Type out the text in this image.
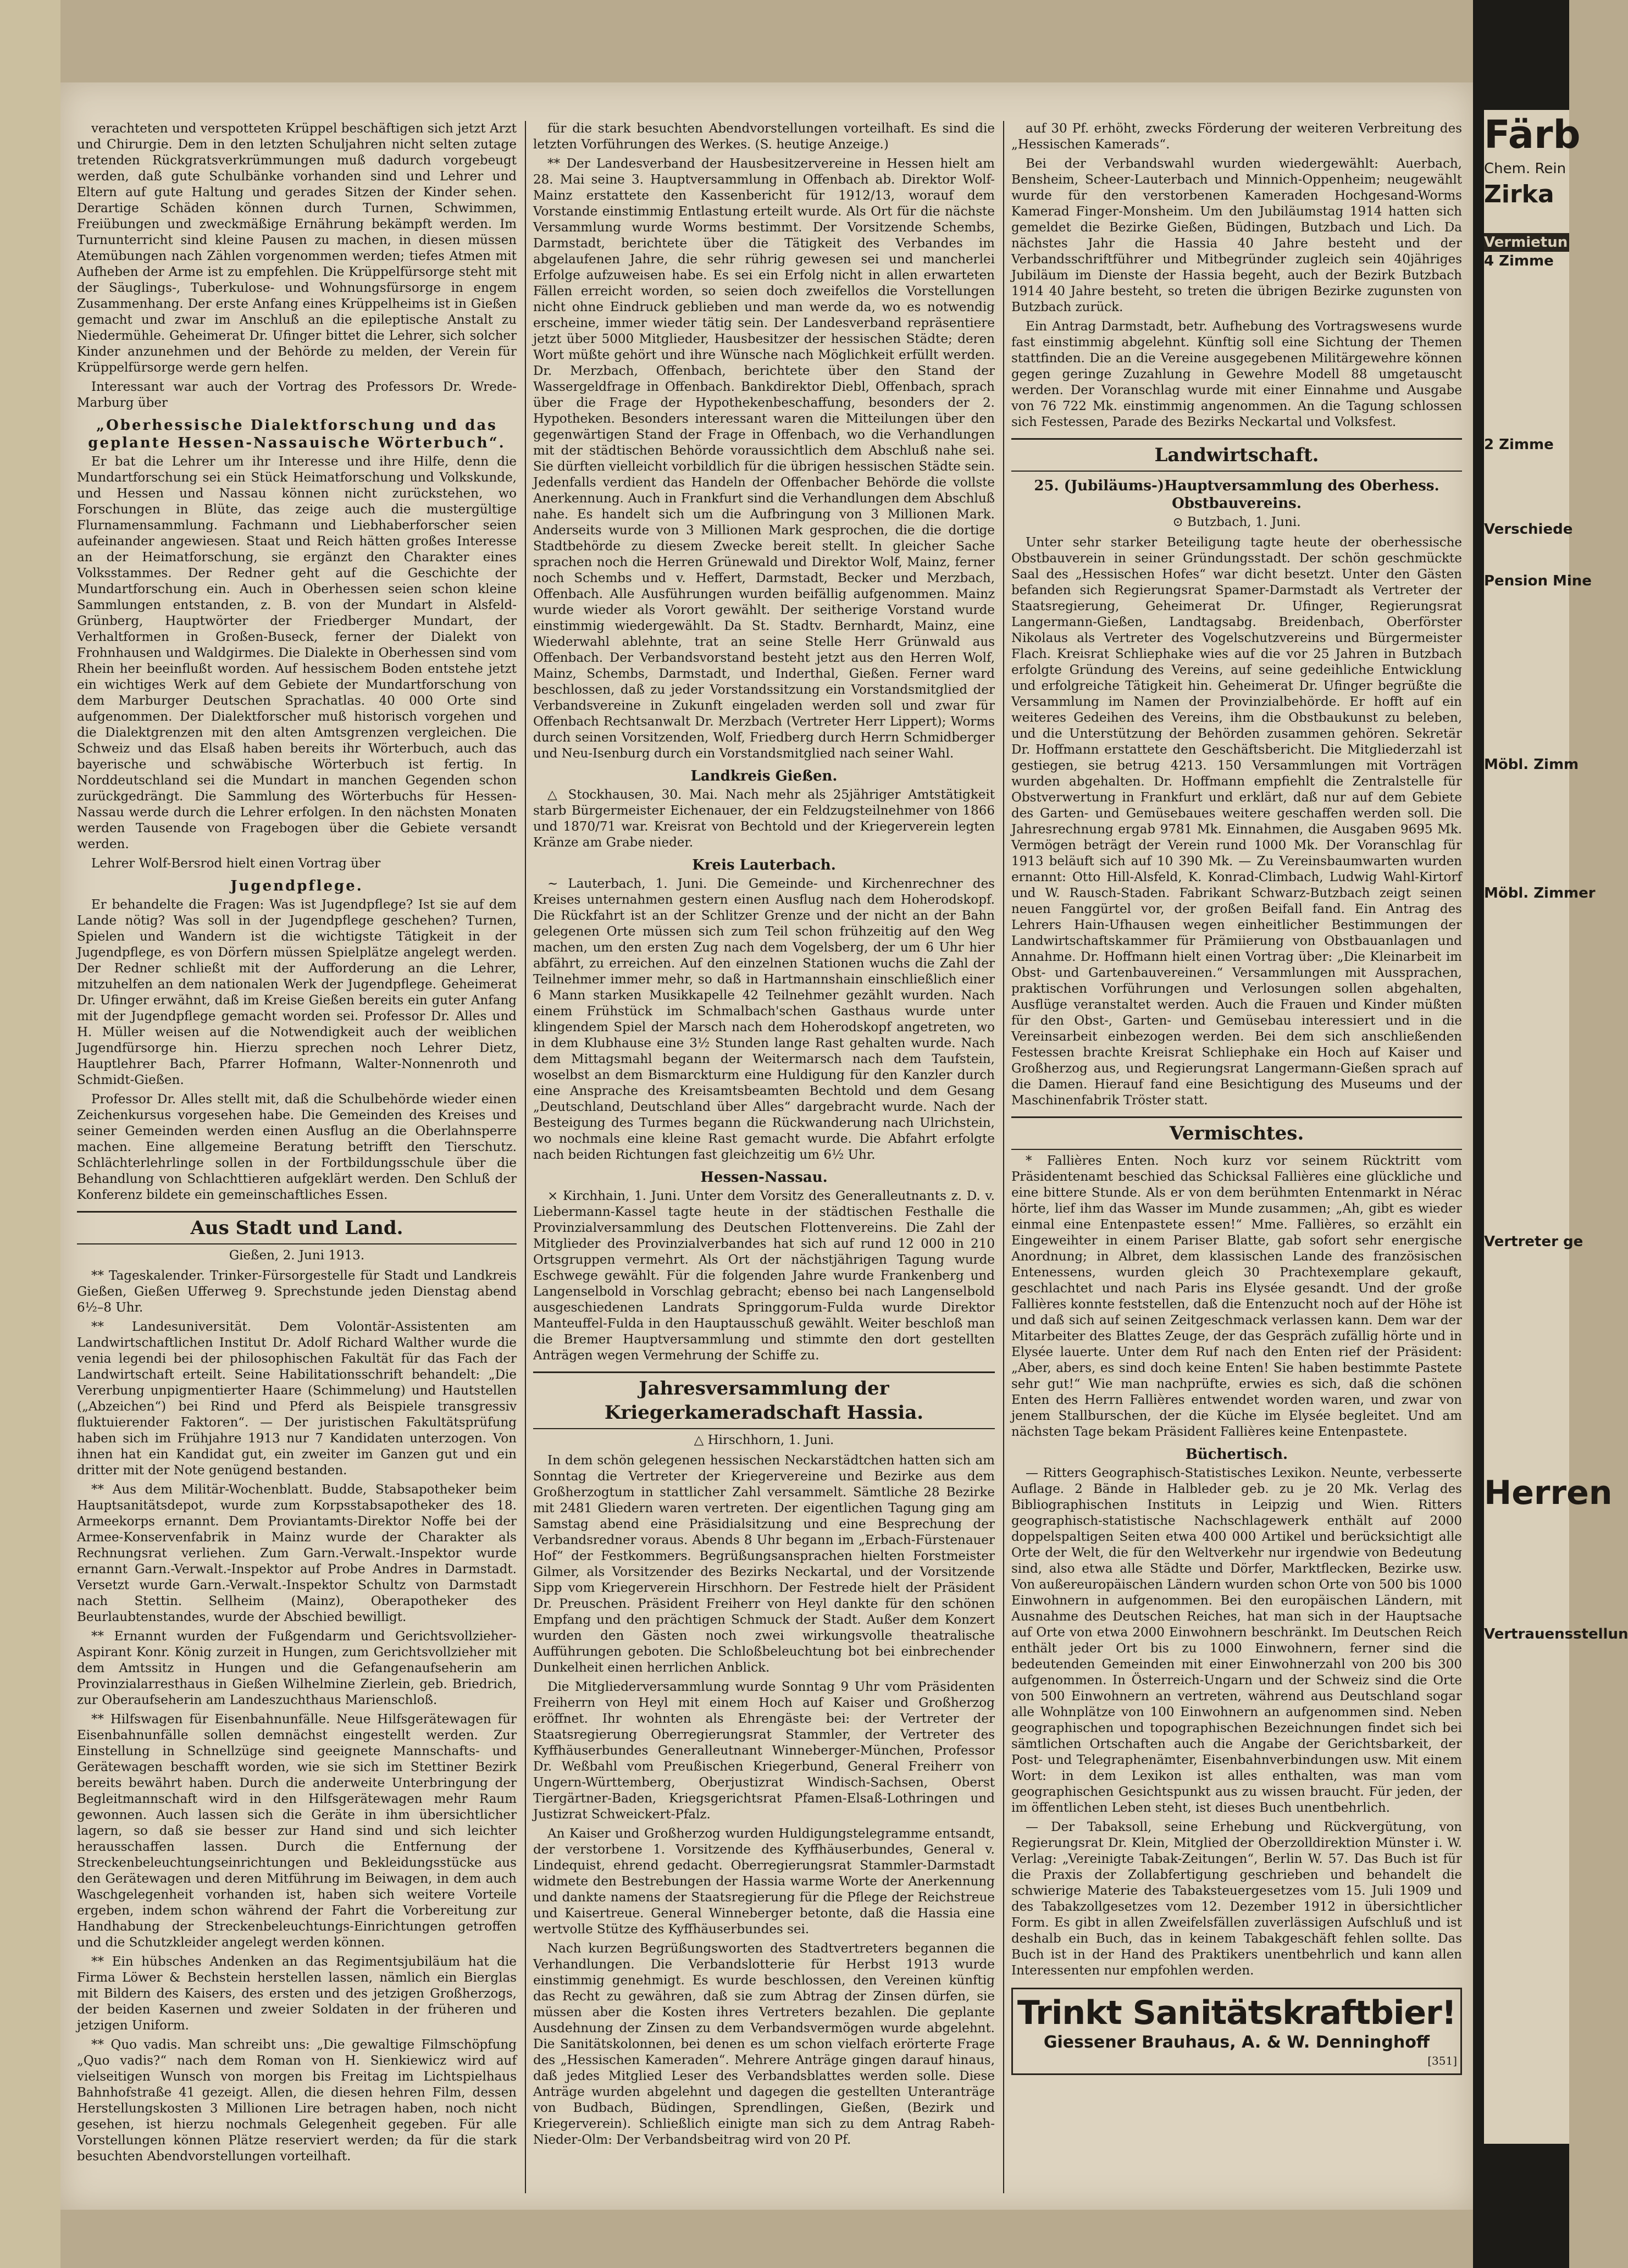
verachteten und verspotteten Krüppel beschäftigen sich jetzt Arzt und Chirurgie. Dem in den letzten Schuljahren nicht selten zutage tretenden Rückgratsverkrümmungen muß dadurch vorgebeugt werden, daß gute Schulbänke vorhanden sind und Lehrer und Eltern auf gute Haltung und gerades Sitzen der Kinder sehen. Derartige Schäden können durch Turnen, Schwimmen, Freiübungen und zweckmäßige Ernährung bekämpft werden. Im Turnunterricht sind kleine Pausen zu machen, in diesen müssen Atemübungen nach Zählen vorgenommen werden; tiefes Atmen mit Aufheben der Arme ist zu empfehlen. Die Krüppelfürsorge steht mit der Säuglings-, Tuberkulose- und Wohnungsfürsorge in engem Zusammenhang. Der erste Anfang eines Krüppelheims ist in Gießen gemacht und zwar im Anschluß an die epileptische Anstalt zu Niedermühle. Geheimerat Dr. Ufinger bittet die Lehrer, sich solcher Kinder anzunehmen und der Behörde zu melden, der Verein für Krüppelfürsorge werde gern helfen.

Interessant war auch der Vortrag des Professors Dr. Wrede-Marburg über

„Oberhessische Dialektforschung und das geplante Hessen-Nassauische Wörterbuch“.

Er bat die Lehrer um ihr Interesse und ihre Hilfe, denn die Mundartforschung sei ein Stück Heimatforschung und Volkskunde, und Hessen und Nassau können nicht zurückstehen, wo Forschungen in Blüte, das zeige auch die mustergültige Flurnamensammlung. Fachmann und Liebhaberforscher seien aufeinander angewiesen. Staat und Reich hätten großes Interesse an der Heimatforschung, sie ergänzt den Charakter eines Volksstammes. Der Redner geht auf die Geschichte der Mundartforschung ein. Auch in Oberhessen seien schon kleine Sammlungen entstanden, z. B. von der Mundart in Alsfeld-Grünberg, Hauptwörter der Friedberger Mundart, der Verhaltformen in Großen-Buseck, ferner der Dialekt von Frohnhausen und Waldgirmes. Die Dialekte in Oberhessen sind vom Rhein her beeinflußt worden. Auf hessischem Boden entstehe jetzt ein wichtiges Werk auf dem Gebiete der Mundartforschung von dem Marburger Deutschen Sprachatlas. 40 000 Orte sind aufgenommen. Der Dialektforscher muß historisch vorgehen und die Dialektgrenzen mit den alten Amtsgrenzen vergleichen. Die Schweiz und das Elsaß haben bereits ihr Wörterbuch, auch das bayerische und schwäbische Wörterbuch ist fertig. In Norddeutschland sei die Mundart in manchen Gegenden schon zurückgedrängt. Die Sammlung des Wörterbuchs für Hessen-Nassau werde durch die Lehrer erfolgen. In den nächsten Monaten werden Tausende von Fragebogen über die Gebiete versandt werden.

Lehrer Wolf-Bersrod hielt einen Vortrag über

Jugendpflege.

Er behandelte die Fragen: Was ist Jugendpflege? Ist sie auf dem Lande nötig? Was soll in der Jugendpflege geschehen? Turnen, Spielen und Wandern ist die wichtigste Tätigkeit in der Jugendpflege, es von Dörfern müssen Spielplätze angelegt werden. Der Redner schließt mit der Aufforderung an die Lehrer, mitzuhelfen an dem nationalen Werk der Jugendpflege. Geheimerat Dr. Ufinger erwähnt, daß im Kreise Gießen bereits ein guter Anfang mit der Jugendpflege gemacht worden sei. Professor Dr. Alles und H. Müller weisen auf die Notwendigkeit auch der weiblichen Jugendfürsorge hin. Hierzu sprechen noch Lehrer Dietz, Hauptlehrer Bach, Pfarrer Hofmann, Walter-Nonnenroth und Schmidt-Gießen.

Professor Dr. Alles stellt mit, daß die Schulbehörde wieder einen Zeichenkursus vorgesehen habe. Die Gemeinden des Kreises und seiner Gemeinden werden einen Ausflug an die Oberlahnsperre machen. Eine allgemeine Beratung betrifft den Tierschutz. Schlächterlehrlinge sollen in der Fortbildungsschule über die Behandlung von Schlachttieren aufgeklärt werden. Den Schluß der Konferenz bildete ein gemeinschaftliches Essen.

Aus Stadt und Land.
Gießen, 2. Juni 1913.

** Tageskalender. Trinker-Fürsorgestelle für Stadt und Landkreis Gießen, Gießen Ufferweg 9. Sprechstunde jeden Dienstag abend 6½–8 Uhr.

** Landesuniversität. Dem Volontär-Assistenten am Landwirtschaftlichen Institut Dr. Adolf Richard Walther wurde die venia legendi bei der philosophischen Fakultät für das Fach der Landwirtschaft erteilt. Seine Habilitationsschrift behandelt: „Die Vererbung unpigmentierter Haare (Schimmelung) und Hautstellen („Abzeichen“) bei Rind und Pferd als Beispiele transgressiv fluktuierender Faktoren“. — Der juristischen Fakultätsprüfung haben sich im Frühjahre 1913 nur 7 Kandidaten unterzogen. Von ihnen hat ein Kandidat gut, ein zweiter im Ganzen gut und ein dritter mit der Note genügend bestanden.

** Aus dem Militär-Wochenblatt. Budde, Stabsapotheker beim Hauptsanitätsdepot, wurde zum Korpsstabsapotheker des 18. Armeekorps ernannt. Dem Proviantamts-Direktor Noffe bei der Armee-Konservenfabrik in Mainz wurde der Charakter als Rechnungsrat verliehen. Zum Garn.-Verwalt.-Inspektor wurde ernannt Garn.-Verwalt.-Inspektor auf Probe Andres in Darmstadt. Versetzt wurde Garn.-Verwalt.-Inspektor Schultz von Darmstadt nach Stettin. Sellheim (Mainz), Oberapotheker des Beurlaubtenstandes, wurde der Abschied bewilligt.

** Ernannt wurden der Fußgendarm und Gerichtsvollzieher-Aspirant Konr. König zurzeit in Hungen, zum Gerichtsvollzieher mit dem Amtssitz in Hungen und die Gefangenaufseherin am Provinzialarresthaus in Gießen Wilhelmine Zierlein, geb. Briedrich, zur Oberaufseherin am Landeszuchthaus Marienschloß.

** Hilfswagen für Eisenbahnunfälle. Neue Hilfsgerätewagen für Eisenbahnunfälle sollen demnächst eingestellt werden. Zur Einstellung in Schnellzüge sind geeignete Mannschafts- und Gerätewagen beschafft worden, wie sie sich im Stettiner Bezirk bereits bewährt haben. Durch die anderweite Unterbringung der Begleitmannschaft wird in den Hilfsgerätewagen mehr Raum gewonnen. Auch lassen sich die Geräte in ihm übersichtlicher lagern, so daß sie besser zur Hand sind und sich leichter herausschaffen lassen. Durch die Entfernung der Streckenbeleuchtungseinrichtungen und Bekleidungsstücke aus den Gerätewagen und deren Mitführung im Beiwagen, in dem auch Waschgelegenheit vorhanden ist, haben sich weitere Vorteile ergeben, indem schon während der Fahrt die Vorbereitung zur Handhabung der Streckenbeleuchtungs-Einrichtungen getroffen und die Schutzkleider angelegt werden können.

** Ein hübsches Andenken an das Regimentsjubiläum hat die Firma Löwer & Bechstein herstellen lassen, nämlich ein Bierglas mit Bildern des Kaisers, des ersten und des jetzigen Großherzogs, der beiden Kasernen und zweier Soldaten in der früheren und jetzigen Uniform.

** Quo vadis. Man schreibt uns: „Die gewaltige Filmschöpfung „Quo vadis?“ nach dem Roman von H. Sienkiewicz wird auf vielseitigen Wunsch von morgen bis Freitag im Lichtspielhaus Bahnhofstraße 41 gezeigt. Allen, die diesen hehren Film, dessen Herstellungskosten 3 Millionen Lire betragen haben, noch nicht gesehen, ist hierzu nochmals Gelegenheit gegeben. Für alle Vorstellungen können Plätze reserviert werden; da für die stark besuchten Abendvorstellungen vorteilhaft.

für die stark besuchten Abendvorstellungen vorteilhaft. Es sind die letzten Vorführungen des Werkes. (S. heutige Anzeige.)

** Der Landesverband der Hausbesitzervereine in Hessen hielt am 28. Mai seine 3. Hauptversammlung in Offenbach ab. Direktor Wolf-Mainz erstattete den Kassenbericht für 1912/13, worauf dem Vorstande einstimmig Entlastung erteilt wurde. Als Ort für die nächste Versammlung wurde Worms bestimmt. Der Vorsitzende Schembs, Darmstadt, berichtete über die Tätigkeit des Verbandes im abgelaufenen Jahre, die sehr rührig gewesen sei und mancherlei Erfolge aufzuweisen habe. Es sei ein Erfolg nicht in allen erwarteten Fällen erreicht worden, so seien doch zweifellos die Vorstellungen nicht ohne Eindruck geblieben und man werde da, wo es notwendig erscheine, immer wieder tätig sein. Der Landesverband repräsentiere jetzt über 5000 Mitglieder, Hausbesitzer der hessischen Städte; deren Wort müßte gehört und ihre Wünsche nach Möglichkeit erfüllt werden. Dr. Merzbach, Offenbach, berichtete über den Stand der Wassergeldfrage in Offenbach. Bankdirektor Diebl, Offenbach, sprach über die Frage der Hypothekenbeschaffung, besonders der 2. Hypotheken. Besonders interessant waren die Mitteilungen über den gegenwärtigen Stand der Frage in Offenbach, wo die Verhandlungen mit der städtischen Behörde voraussichtlich dem Abschluß nahe sei. Sie dürften vielleicht vorbildlich für die übrigen hessischen Städte sein. Jedenfalls verdient das Handeln der Offenbacher Behörde die vollste Anerkennung. Auch in Frankfurt sind die Verhandlungen dem Abschluß nahe. Es handelt sich um die Aufbringung von 3 Millionen Mark. Anderseits wurde von 3 Millionen Mark gesprochen, die die dortige Stadtbehörde zu diesem Zwecke bereit stellt. In gleicher Sache sprachen noch die Herren Grünewald und Direktor Wolf, Mainz, ferner noch Schembs und v. Heffert, Darmstadt, Becker und Merzbach, Offenbach. Alle Ausführungen wurden beifällig aufgenommen. Mainz wurde wieder als Vorort gewählt. Der seitherige Vorstand wurde einstimmig wiedergewählt. Da St. Stadtv. Bernhardt, Mainz, eine Wiederwahl ablehnte, trat an seine Stelle Herr Grünwald aus Offenbach. Der Verbandsvorstand besteht jetzt aus den Herren Wolf, Mainz, Schembs, Darmstadt, und Inderthal, Gießen. Ferner ward beschlossen, daß zu jeder Vorstandssitzung ein Vorstandsmitglied der Verbandsvereine in Zukunft eingeladen werden soll und zwar für Offenbach Rechtsanwalt Dr. Merzbach (Vertreter Herr Lippert); Worms durch seinen Vorsitzenden, Wolf, Friedberg durch Herrn Schmidberger und Neu-Isenburg durch ein Vorstandsmitglied nach seiner Wahl.

Landkreis Gießen.

△ Stockhausen, 30. Mai. Nach mehr als 25jähriger Amtstätigkeit starb Bürgermeister Eichenauer, der ein Feldzugsteilnehmer von 1866 und 1870/71 war. Kreisrat von Bechtold und der Kriegerverein legten Kränze am Grabe nieder.

Kreis Lauterbach.

~ Lauterbach, 1. Juni. Die Gemeinde- und Kirchenrechner des Kreises unternahmen gestern einen Ausflug nach dem Hoherodskopf. Die Rückfahrt ist an der Schlitzer Grenze und der nicht an der Bahn gelegenen Orte müssen sich zum Teil schon frühzeitig auf den Weg machen, um den ersten Zug nach dem Vogelsberg, der um 6 Uhr hier abfährt, zu erreichen. Auf den einzelnen Stationen wuchs die Zahl der Teilnehmer immer mehr, so daß in Hartmannshain einschließlich einer 6 Mann starken Musikkapelle 42 Teilnehmer gezählt wurden. Nach einem Frühstück im Schmalbach'schen Gasthaus wurde unter klingendem Spiel der Marsch nach dem Hoherodskopf angetreten, wo in dem Klubhause eine 3½ Stunden lange Rast gehalten wurde. Nach dem Mittagsmahl begann der Weitermarsch nach dem Taufstein, woselbst an dem Bismarckturm eine Huldigung für den Kanzler durch eine Ansprache des Kreisamtsbeamten Bechtold und dem Gesang „Deutschland, Deutschland über Alles“ dargebracht wurde. Nach der Besteigung des Turmes begann die Rückwanderung nach Ulrichstein, wo nochmals eine kleine Rast gemacht wurde. Die Abfahrt erfolgte nach beiden Richtungen fast gleichzeitig um 6½ Uhr.

Hessen-Nassau.

× Kirchhain, 1. Juni. Unter dem Vorsitz des Generalleutnants z. D. v. Liebermann-Kassel tagte heute in der städtischen Festhalle die Provinzialversammlung des Deutschen Flottenvereins. Die Zahl der Mitglieder des Provinzialverbandes hat sich auf rund 12 000 in 210 Ortsgruppen vermehrt. Als Ort der nächstjährigen Tagung wurde Eschwege gewählt. Für die folgenden Jahre wurde Frankenberg und Langenselbold in Vorschlag gebracht; ebenso bei nach Langenselbold ausgeschiedenen Landrats Springgorum-Fulda wurde Direktor Manteuffel-Fulda in den Hauptausschuß gewählt. Weiter beschloß man die Bremer Hauptversammlung und stimmte den dort gestellten Anträgen wegen Vermehrung der Schiffe zu.

Jahresversammlung der Kriegerkameradschaft Hassia.
△ Hirschhorn, 1. Juni.

In dem schön gelegenen hessischen Neckarstädtchen hatten sich am Sonntag die Vertreter der Kriegervereine und Bezirke aus dem Großherzogtum in stattlicher Zahl versammelt. Sämtliche 28 Bezirke mit 2481 Gliedern waren vertreten. Der eigentlichen Tagung ging am Samstag abend eine Präsidialsitzung und eine Besprechung der Verbandsredner voraus. Abends 8 Uhr begann im „Erbach-Fürstenauer Hof“ der Festkommers. Begrüßungsansprachen hielten Forstmeister Gilmer, als Vorsitzender des Bezirks Neckartal, und der Vorsitzende Sipp vom Kriegerverein Hirschhorn. Der Festrede hielt der Präsident Dr. Preuschen. Präsident Freiherr von Heyl dankte für den schönen Empfang und den prächtigen Schmuck der Stadt. Außer dem Konzert wurden den Gästen noch zwei wirkungsvolle theatralische Aufführungen geboten. Die Schloßbeleuchtung bot bei einbrechender Dunkelheit einen herrlichen Anblick.

Die Mitgliederversammlung wurde Sonntag 9 Uhr vom Präsidenten Freiherrn von Heyl mit einem Hoch auf Kaiser und Großherzog eröffnet. Ihr wohnten als Ehrengäste bei: der Vertreter der Staatsregierung Oberregierungsrat Stammler, der Vertreter des Kyffhäuserbundes Generalleutnant Winneberger-München, Professor Dr. Weßbahl vom Preußischen Kriegerbund, General Freiherr von Ungern-Württemberg, Oberjustizrat Windisch-Sachsen, Oberst Tiergärtner-Baden, Kriegsgerichtsrat Pfamen-Elsaß-Lothringen und Justizrat Schweickert-Pfalz.

An Kaiser und Großherzog wurden Huldigungstelegramme entsandt, der verstorbene 1. Vorsitzende des Kyffhäuserbundes, General v. Lindequist, ehrend gedacht. Oberregierungsrat Stammler-Darmstadt widmete den Bestrebungen der Hassia warme Worte der Anerkennung und dankte namens der Staatsregierung für die Pflege der Reichstreue und Kaisertreue. General Winneberger betonte, daß die Hassia eine wertvolle Stütze des Kyffhäuserbundes sei.

Nach kurzen Begrüßungsworten des Stadtvertreters begannen die Verhandlungen. Die Verbandslotterie für Herbst 1913 wurde einstimmig genehmigt. Es wurde beschlossen, den Vereinen künftig das Recht zu gewähren, daß sie zum Abtrag der Zinsen dürfen, sie müssen aber die Kosten ihres Vertreters bezahlen. Die geplante Ausdehnung der Zinsen zu dem Verbandsvermögen wurde abgelehnt. Die Sanitätskolonnen, bei denen es um schon vielfach erörterte Frage des „Hessischen Kameraden“. Mehrere Anträge gingen darauf hinaus, daß jedes Mitglied Leser des Verbandsblattes werden solle. Diese Anträge wurden abgelehnt und dagegen die gestellten Unteranträge von Budbach, Büdingen, Sprendlingen, Gießen, (Bezirk und Kriegerverein). Schließlich einigte man sich zu dem Antrag Rabeh-Nieder-Olm: Der Verbandsbeitrag wird von 20 Pf.

auf 30 Pf. erhöht, zwecks Förderung der weiteren Verbreitung des „Hessischen Kamerads“.

Bei der Verbandswahl wurden wiedergewählt: Auerbach, Bensheim, Scheer-Lauterbach und Minnich-Oppenheim; neugewählt wurde für den verstorbenen Kameraden Hochgesand-Worms Kamerad Finger-Monsheim. Um den Jubiläumstag 1914 hatten sich gemeldet die Bezirke Gießen, Büdingen, Butzbach und Lich. Da nächstes Jahr die Hassia 40 Jahre besteht und der Verbandsschriftführer und Mitbegründer zugleich sein 40jähriges Jubiläum im Dienste der Hassia begeht, auch der Bezirk Butzbach 1914 40 Jahre besteht, so treten die übrigen Bezirke zugunsten von Butzbach zurück.

Ein Antrag Darmstadt, betr. Aufhebung des Vortragswesens wurde fast einstimmig abgelehnt. Künftig soll eine Sichtung der Themen stattfinden. Die an die Vereine ausgegebenen Militärgewehre können gegen geringe Zuzahlung in Gewehre Modell 88 umgetauscht werden. Der Voranschlag wurde mit einer Einnahme und Ausgabe von 76 722 Mk. einstimmig angenommen. An die Tagung schlossen sich Festessen, Parade des Bezirks Neckartal und Volksfest.

Landwirtschaft.
25. (Jubiläums-)Hauptversammlung des Oberhess. Obstbauvereins.
⊙ Butzbach, 1. Juni.

Unter sehr starker Beteiligung tagte heute der oberhessische Obstbauverein in seiner Gründungsstadt. Der schön geschmückte Saal des „Hessischen Hofes“ war dicht besetzt. Unter den Gästen befanden sich Regierungsrat Spamer-Darmstadt als Vertreter der Staatsregierung, Geheimerat Dr. Ufinger, Regierungsrat Langermann-Gießen, Landtagsabg. Breidenbach, Oberförster Nikolaus als Vertreter des Vogelschutzvereins und Bürgermeister Flach. Kreisrat Schliephake wies auf die vor 25 Jahren in Butzbach erfolgte Gründung des Vereins, auf seine gedeihliche Entwicklung und erfolgreiche Tätigkeit hin. Geheimerat Dr. Ufinger begrüßte die Versammlung im Namen der Provinzialbehörde. Er hofft auf ein weiteres Gedeihen des Vereins, ihm die Obstbaukunst zu beleben, und die Unterstützung der Behörden zusammen gehören. Sekretär Dr. Hoffmann erstattete den Geschäftsbericht. Die Mitgliederzahl ist gestiegen, sie betrug 4213. 150 Versammlungen mit Vorträgen wurden abgehalten. Dr. Hoffmann empfiehlt die Zentralstelle für Obstverwertung in Frankfurt und erklärt, daß nur auf dem Gebiete des Garten- und Gemüsebaues weitere geschaffen werden soll. Die Jahresrechnung ergab 9781 Mk. Einnahmen, die Ausgaben 9695 Mk. Vermögen beträgt der Verein rund 1000 Mk. Der Voranschlag für 1913 beläuft sich auf 10 390 Mk. — Zu Vereinsbaumwarten wurden ernannt: Otto Hill-Alsfeld, K. Konrad-Climbach, Ludwig Wahl-Kirtorf und W. Rausch-Staden. Fabrikant Schwarz-Butzbach zeigt seinen neuen Fanggürtel vor, der großen Beifall fand. Ein Antrag des Lehrers Hain-Ufhausen wegen einheitlicher Bestimmungen der Landwirtschaftskammer für Prämiierung von Obstbauanlagen und Annahme. Dr. Hoffmann hielt einen Vortrag über: „Die Kleinarbeit im Obst- und Gartenbauvereinen.“ Versammlungen mit Aussprachen, praktischen Vorführungen und Verlosungen sollen abgehalten, Ausflüge veranstaltet werden. Auch die Frauen und Kinder müßten für den Obst-, Garten- und Gemüsebau interessiert und in die Vereinsarbeit einbezogen werden. Bei dem sich anschließenden Festessen brachte Kreisrat Schliephake ein Hoch auf Kaiser und Großherzog aus, und Regierungsrat Langermann-Gießen sprach auf die Damen. Hierauf fand eine Besichtigung des Museums und der Maschinenfabrik Tröster statt.

Vermischtes.

* Fallières Enten. Noch kurz vor seinem Rücktritt vom Präsidentenamt beschied das Schicksal Fallières eine glückliche und eine bittere Stunde. Als er von dem berühmten Entenmarkt in Nérac hörte, lief ihm das Wasser im Munde zusammen; „Ah, gibt es wieder einmal eine Entenpastete essen!“ Mme. Fallières, so erzählt ein Eingeweihter in einem Pariser Blatte, gab sofort sehr energische Anordnung; in Albret, dem klassischen Lande des französischen Entenessens, wurden gleich 30 Prachtexemplare gekauft, geschlachtet und nach Paris ins Elysée gesandt. Und der große Fallières konnte feststellen, daß die Entenzucht noch auf der Höhe ist und daß sich auf seinen Zeitgeschmack verlassen kann. Dem war der Mitarbeiter des Blattes Zeuge, der das Gespräch zufällig hörte und in Elysée lauerte. Unter dem Ruf nach den Enten rief der Präsident: „Aber, abers, es sind doch keine Enten! Sie haben bestimmte Pastete sehr gut!“ Wie man nachprüfte, erwies es sich, daß die schönen Enten des Herrn Fallières entwendet worden waren, und zwar von jenem Stallburschen, der die Küche im Elysée begleitet. Und am nächsten Tage bekam Präsident Fallières keine Entenpastete.

Büchertisch.

— Ritters Geographisch-Statistisches Lexikon. Neunte, verbesserte Auflage. 2 Bände in Halbleder geb. zu je 20 Mk. Verlag des Bibliographischen Instituts in Leipzig und Wien. Ritters geographisch-statistische Nachschlagewerk enthält auf 2000 doppelspaltigen Seiten etwa 400 000 Artikel und berücksichtigt alle Orte der Welt, die für den Weltverkehr nur irgendwie von Bedeutung sind, also etwa alle Städte und Dörfer, Marktflecken, Bezirke usw. Von außereuropäischen Ländern wurden schon Orte von 500 bis 1000 Einwohnern in aufgenommen. Bei den europäischen Ländern, mit Ausnahme des Deutschen Reiches, hat man sich in der Hauptsache auf Orte von etwa 2000 Einwohnern beschränkt. Im Deutschen Reich enthält jeder Ort bis zu 1000 Einwohnern, ferner sind die bedeutenden Gemeinden mit einer Einwohnerzahl von 200 bis 300 aufgenommen. In Österreich-Ungarn und der Schweiz sind die Orte von 500 Einwohnern an vertreten, während aus Deutschland sogar alle Wohnplätze von 100 Einwohnern an aufgenommen sind. Neben geographischen und topographischen Bezeichnungen findet sich bei sämtlichen Ortschaften auch die Angabe der Gerichtsbarkeit, der Post- und Telegraphenämter, Eisenbahnverbindungen usw. Mit einem Wort: in dem Lexikon ist alles enthalten, was man vom geographischen Gesichtspunkt aus zu wissen braucht. Für jeden, der im öffentlichen Leben steht, ist dieses Buch unentbehrlich.

— Der Tabaksoll, seine Erhebung und Rückvergütung, von Regierungsrat Dr. Klein, Mitglied der Oberzolldirektion Münster i. W. Verlag: „Vereinigte Tabak-Zeitungen“, Berlin W. 57. Das Buch ist für die Praxis der Zollabfertigung geschrieben und behandelt die schwierige Materie des Tabaksteuergesetzes vom 15. Juli 1909 und des Tabakzollgesetzes vom 12. Dezember 1912 in übersichtlicher Form. Es gibt in allen Zweifelsfällen zuverlässigen Aufschluß und ist deshalb ein Buch, das in keinem Tabakgeschäft fehlen sollte. Das Buch ist in der Hand des Praktikers unentbehrlich und kann allen Interessenten nur empfohlen werden.

Trinkt Sanitätskraftbier!
Giessener Brauhaus, A. & W. Denninghoff
[351]
Färb
Chem. Rein
Zirka
Vermietun
4 Zimme
2 Zimme
Verschiede
Pension Mine
Möbl. Zimm
Möbl. Zimmer
Vertreter ge
Herren
Vertrauensstellun
